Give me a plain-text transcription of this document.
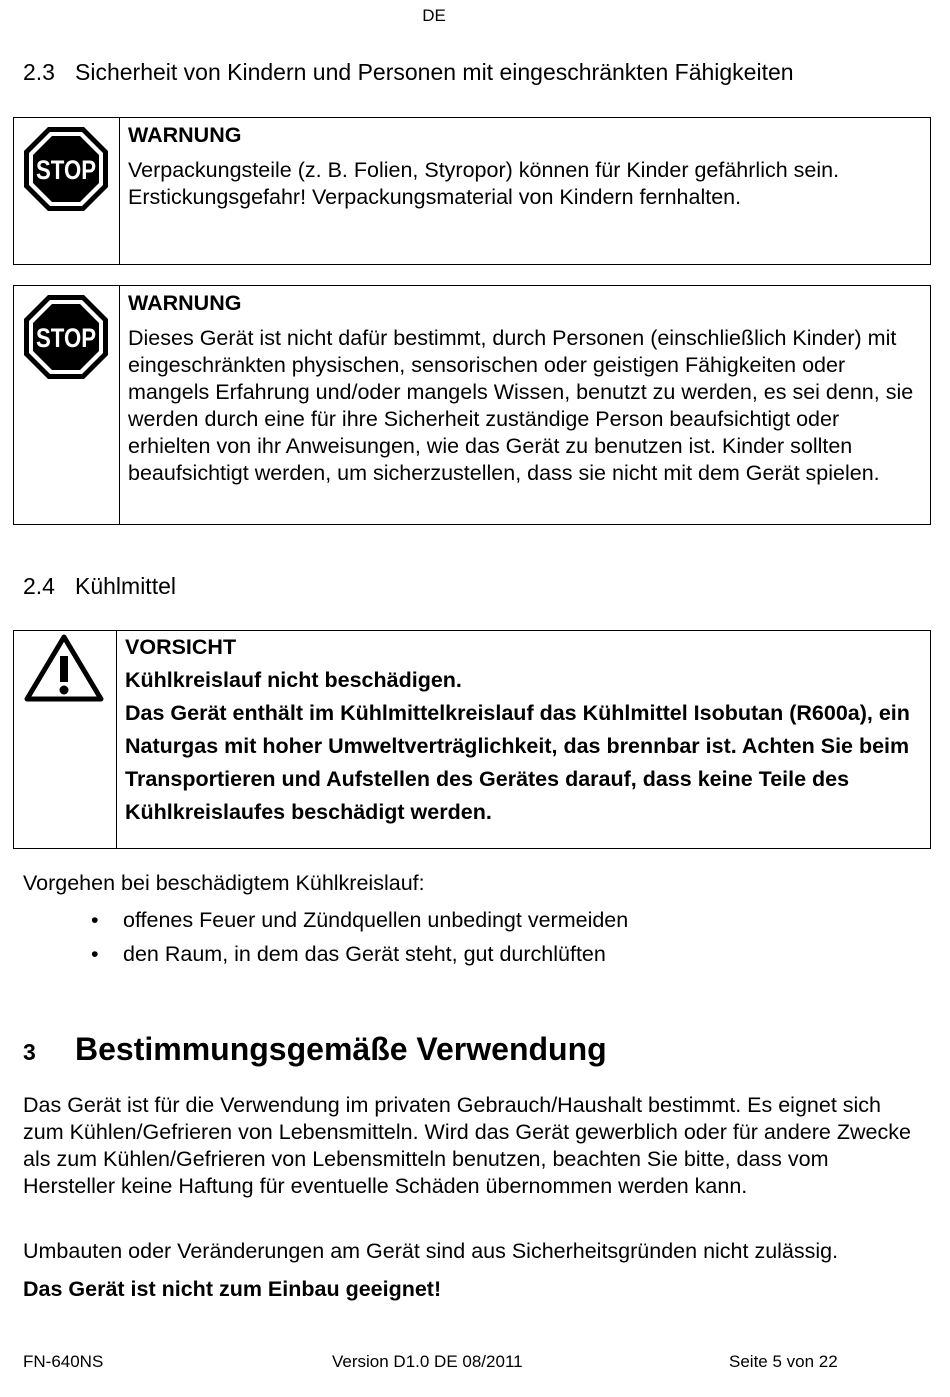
DE
2.3 Sicherheit von Kindern und Personen mit eingeschränkten Fähigkeiten
STOP
WARNUNG
Verpackungsteile (z. B. Folien, Styropor) können für Kinder gefährlich sein. Erstickungsgefahr! Verpackungsmaterial von Kindern fernhalten.
STOP
WARNUNG
Dieses Gerät ist nicht dafür bestimmt, durch Personen (einschließlich Kinder) mit eingeschränkten physischen, sensorischen oder geistigen Fähigkeiten oder mangels Erfahrung und/oder mangels Wissen, benutzt zu werden, es sei denn, sie werden durch eine für ihre Sicherheit zuständige Person beaufsichtigt oder erhielten von ihr Anweisungen, wie das Gerät zu benutzen ist. Kinder sollten beaufsichtigt werden, um sicherzustellen, dass sie nicht mit dem Gerät spielen.
2.4 Kühlmittel
VORSICHT
Kühlkreislauf nicht beschädigen.
Das Gerät enthält im Kühlmittelkreislauf das Kühlmittel Isobutan (R600a), ein Naturgas mit hoher Umweltverträglichkeit, das brennbar ist. Achten Sie beim Transportieren und Aufstellen des Gerätes darauf, dass keine Teile des Kühlkreislaufes beschädigt werden.
Vorgehen bei beschädigtem Kühlkreislauf:
• offenes Feuer und Zündquellen unbedingt vermeiden
• den Raum, in dem das Gerät steht, gut durchlüften
3 Bestimmungsgemäße Verwendung
Das Gerät ist für die Verwendung im privaten Gebrauch/Haushalt bestimmt. Es eignet sich zum Kühlen/Gefrieren von Lebensmitteln. Wird das Gerät gewerblich oder für andere Zwecke als zum Kühlen/Gefrieren von Lebensmitteln benutzen, beachten Sie bitte, dass vom Hersteller keine Haftung für eventuelle Schäden übernommen werden kann.
Umbauten oder Veränderungen am Gerät sind aus Sicherheitsgründen nicht zulässig.
Das Gerät ist nicht zum Einbau geeignet!
FN-640NS	Version D1.0 DE 08/2011	Seite 5 von 22
